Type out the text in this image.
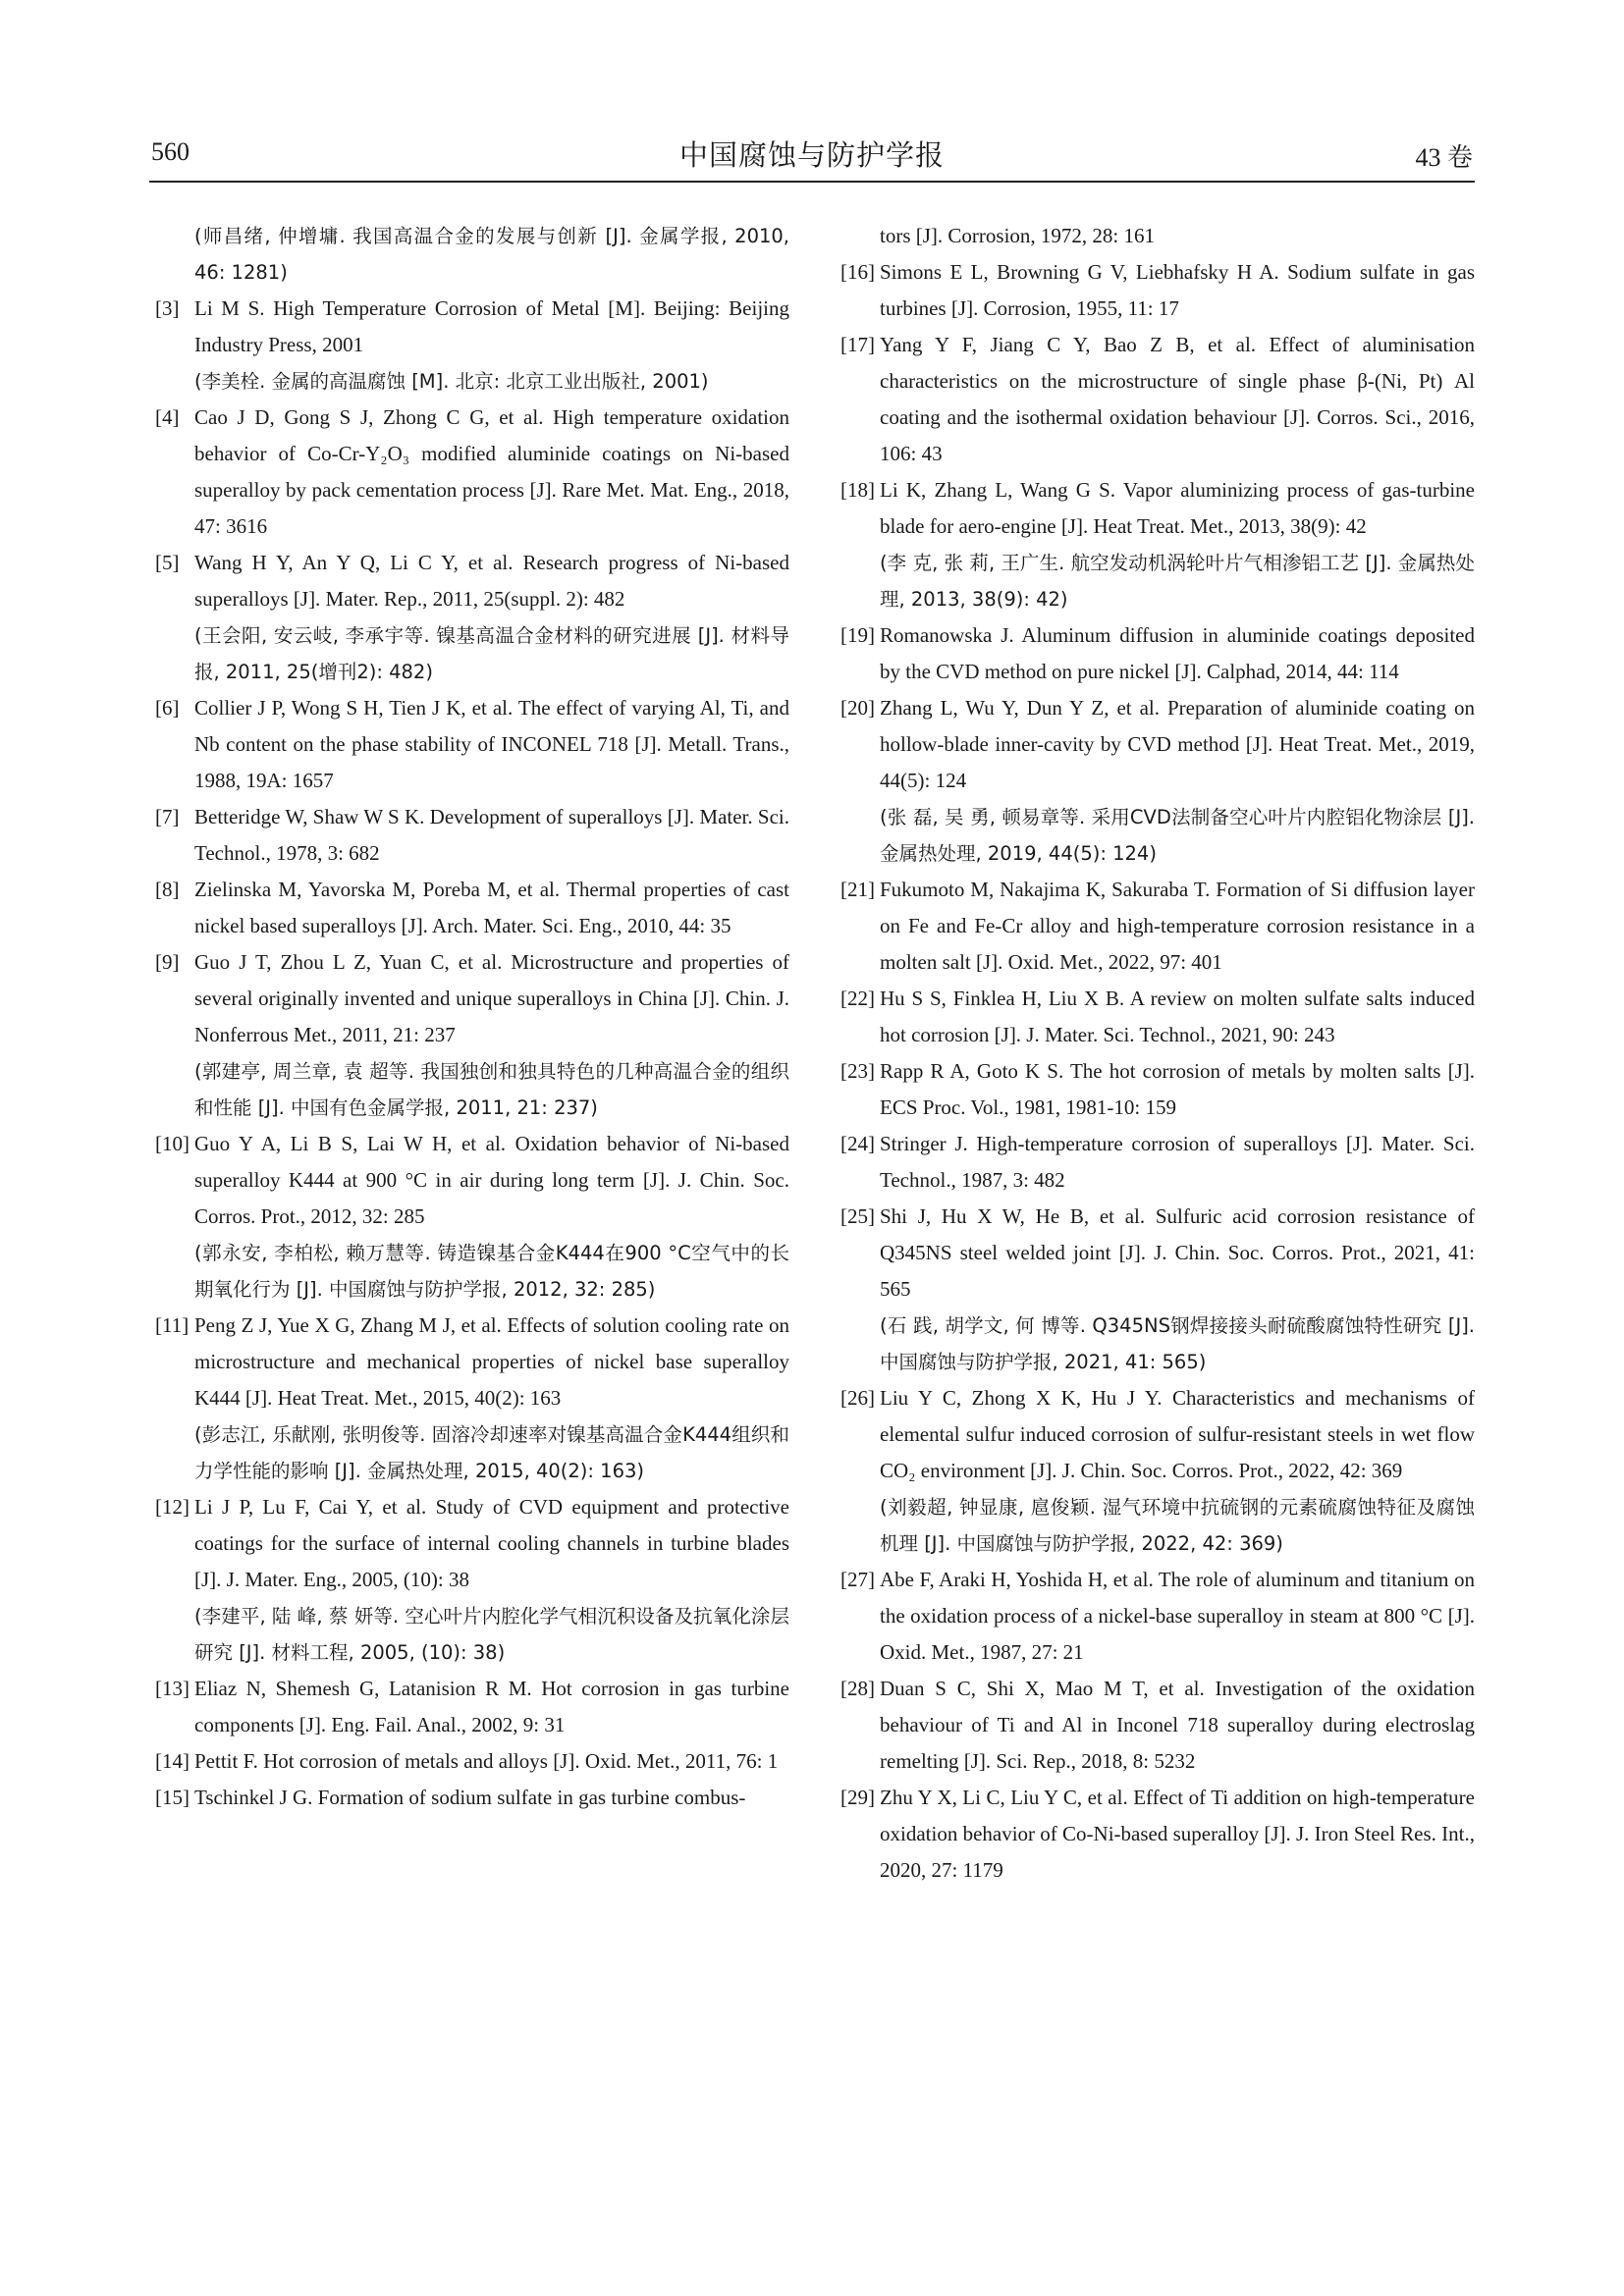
560	中国腐蚀与防护学报	43 卷
(师昌绪, 仲增墉. 我国高温合金的发展与创新 [J]. 金属学报, 2010, 46: 1281)
[3] Li M S. High Temperature Corrosion of Metal [M]. Beijing: Beijing Industry Press, 2001
(李美栓. 金属的高温腐蚀 [M]. 北京: 北京工业出版社, 2001)
[4] Cao J D, Gong S J, Zhong C G, et al. High temperature oxidation behavior of Co-Cr-Y₂O₃ modified aluminide coatings on Ni-based superalloy by pack cementation process [J]. Rare Met. Mat. Eng., 2018, 47: 3616
[5] Wang H Y, An Y Q, Li C Y, et al. Research progress of Ni-based superalloys [J]. Mater. Rep., 2011, 25(suppl. 2): 482
(王会阳, 安云岐, 李承宇等. 镍基高温合金材料的研究进展 [J]. 材料导报, 2011, 25(增刊2): 482)
[6] Collier J P, Wong S H, Tien J K, et al. The effect of varying Al, Ti, and Nb content on the phase stability of INCONEL 718 [J]. Metall. Trans., 1988, 19A: 1657
[7] Betteridge W, Shaw W S K. Development of superalloys [J]. Mater. Sci. Technol., 1978, 3: 682
[8] Zielinska M, Yavorska M, Poreba M, et al. Thermal properties of cast nickel based superalloys [J]. Arch. Mater. Sci. Eng., 2010, 44: 35
[9] Guo J T, Zhou L Z, Yuan C, et al. Microstructure and properties of several originally invented and unique superalloys in China [J]. Chin. J. Nonferrous Met., 2011, 21: 237
(郭建亭, 周兰章, 袁 超等. 我国独创和独具特色的几种高温合金的组织和性能 [J]. 中国有色金属学报, 2011, 21: 237)
[10] Guo Y A, Li B S, Lai W H, et al. Oxidation behavior of Ni-based superalloy K444 at 900 °C in air during long term [J]. J. Chin. Soc. Corros. Prot., 2012, 32: 285
(郭永安, 李柏松, 赖万慧等. 铸造镍基合金K444在900 °C空气中的长期氧化行为 [J]. 中国腐蚀与防护学报, 2012, 32: 285)
[11] Peng Z J, Yue X G, Zhang M J, et al. Effects of solution cooling rate on microstructure and mechanical properties of nickel base superalloy K444 [J]. Heat Treat. Met., 2015, 40(2): 163
(彭志江, 乐献刚, 张明俊等. 固溶冷却速率对镍基高温合金K444组织和力学性能的影响 [J]. 金属热处理, 2015, 40(2): 163)
[12] Li J P, Lu F, Cai Y, et al. Study of CVD equipment and protective coatings for the surface of internal cooling channels in turbine blades [J]. J. Mater. Eng., 2005, (10): 38
(李建平, 陆 峰, 蔡 妍等. 空心叶片内腔化学气相沉积设备及抗氧化涂层研究 [J]. 材料工程, 2005, (10): 38)
[13] Eliaz N, Shemesh G, Latanision R M. Hot corrosion in gas turbine components [J]. Eng. Fail. Anal., 2002, 9: 31
[14] Pettit F. Hot corrosion of metals and alloys [J]. Oxid. Met., 2011, 76: 1
[15] Tschinkel J G. Formation of sodium sulfate in gas turbine combus-
tors [J]. Corrosion, 1972, 28: 161
[16] Simons E L, Browning G V, Liebhafsky H A. Sodium sulfate in gas turbines [J]. Corrosion, 1955, 11: 17
[17] Yang Y F, Jiang C Y, Bao Z B, et al. Effect of aluminisation characteristics on the microstructure of single phase β-(Ni, Pt) Al coating and the isothermal oxidation behaviour [J]. Corros. Sci., 2016, 106: 43
[18] Li K, Zhang L, Wang G S. Vapor aluminizing process of gas-turbine blade for aero-engine [J]. Heat Treat. Met., 2013, 38(9): 42
(李 克, 张 莉, 王广生. 航空发动机涡轮叶片气相渗铝工艺 [J]. 金属热处理, 2013, 38(9): 42)
[19] Romanowska J. Aluminum diffusion in aluminide coatings deposited by the CVD method on pure nickel [J]. Calphad, 2014, 44: 114
[20] Zhang L, Wu Y, Dun Y Z, et al. Preparation of aluminide coating on hollow-blade inner-cavity by CVD method [J]. Heat Treat. Met., 2019, 44(5): 124
(张 磊, 吴 勇, 顿易章等. 采用CVD法制备空心叶片内腔铝化物涂层 [J]. 金属热处理, 2019, 44(5): 124)
[21] Fukumoto M, Nakajima K, Sakuraba T. Formation of Si diffusion layer on Fe and Fe-Cr alloy and high-temperature corrosion resistance in a molten salt [J]. Oxid. Met., 2022, 97: 401
[22] Hu S S, Finklea H, Liu X B. A review on molten sulfate salts induced hot corrosion [J]. J. Mater. Sci. Technol., 2021, 90: 243
[23] Rapp R A, Goto K S. The hot corrosion of metals by molten salts [J]. ECS Proc. Vol., 1981, 1981-10: 159
[24] Stringer J. High-temperature corrosion of superalloys [J]. Mater. Sci. Technol., 1987, 3: 482
[25] Shi J, Hu X W, He B, et al. Sulfuric acid corrosion resistance of Q345NS steel welded joint [J]. J. Chin. Soc. Corros. Prot., 2021, 41: 565
(石 践, 胡学文, 何 博等. Q345NS钢焊接接头耐硫酸腐蚀特性研究 [J]. 中国腐蚀与防护学报, 2021, 41: 565)
[26] Liu Y C, Zhong X K, Hu J Y. Characteristics and mechanisms of elemental sulfur induced corrosion of sulfur-resistant steels in wet flow CO₂ environment [J]. J. Chin. Soc. Corros. Prot., 2022, 42: 369
(刘毅超, 钟显康, 扈俊颖. 湿气环境中抗硫钢的元素硫腐蚀特征及腐蚀机理 [J]. 中国腐蚀与防护学报, 2022, 42: 369)
[27] Abe F, Araki H, Yoshida H, et al. The role of aluminum and titanium on the oxidation process of a nickel-base superalloy in steam at 800 °C [J]. Oxid. Met., 1987, 27: 21
[28] Duan S C, Shi X, Mao M T, et al. Investigation of the oxidation behaviour of Ti and Al in Inconel 718 superalloy during electroslag remelting [J]. Sci. Rep., 2018, 8: 5232
[29] Zhu Y X, Li C, Liu Y C, et al. Effect of Ti addition on high-temperature oxidation behavior of Co-Ni-based superalloy [J]. J. Iron Steel Res. Int., 2020, 27: 1179
